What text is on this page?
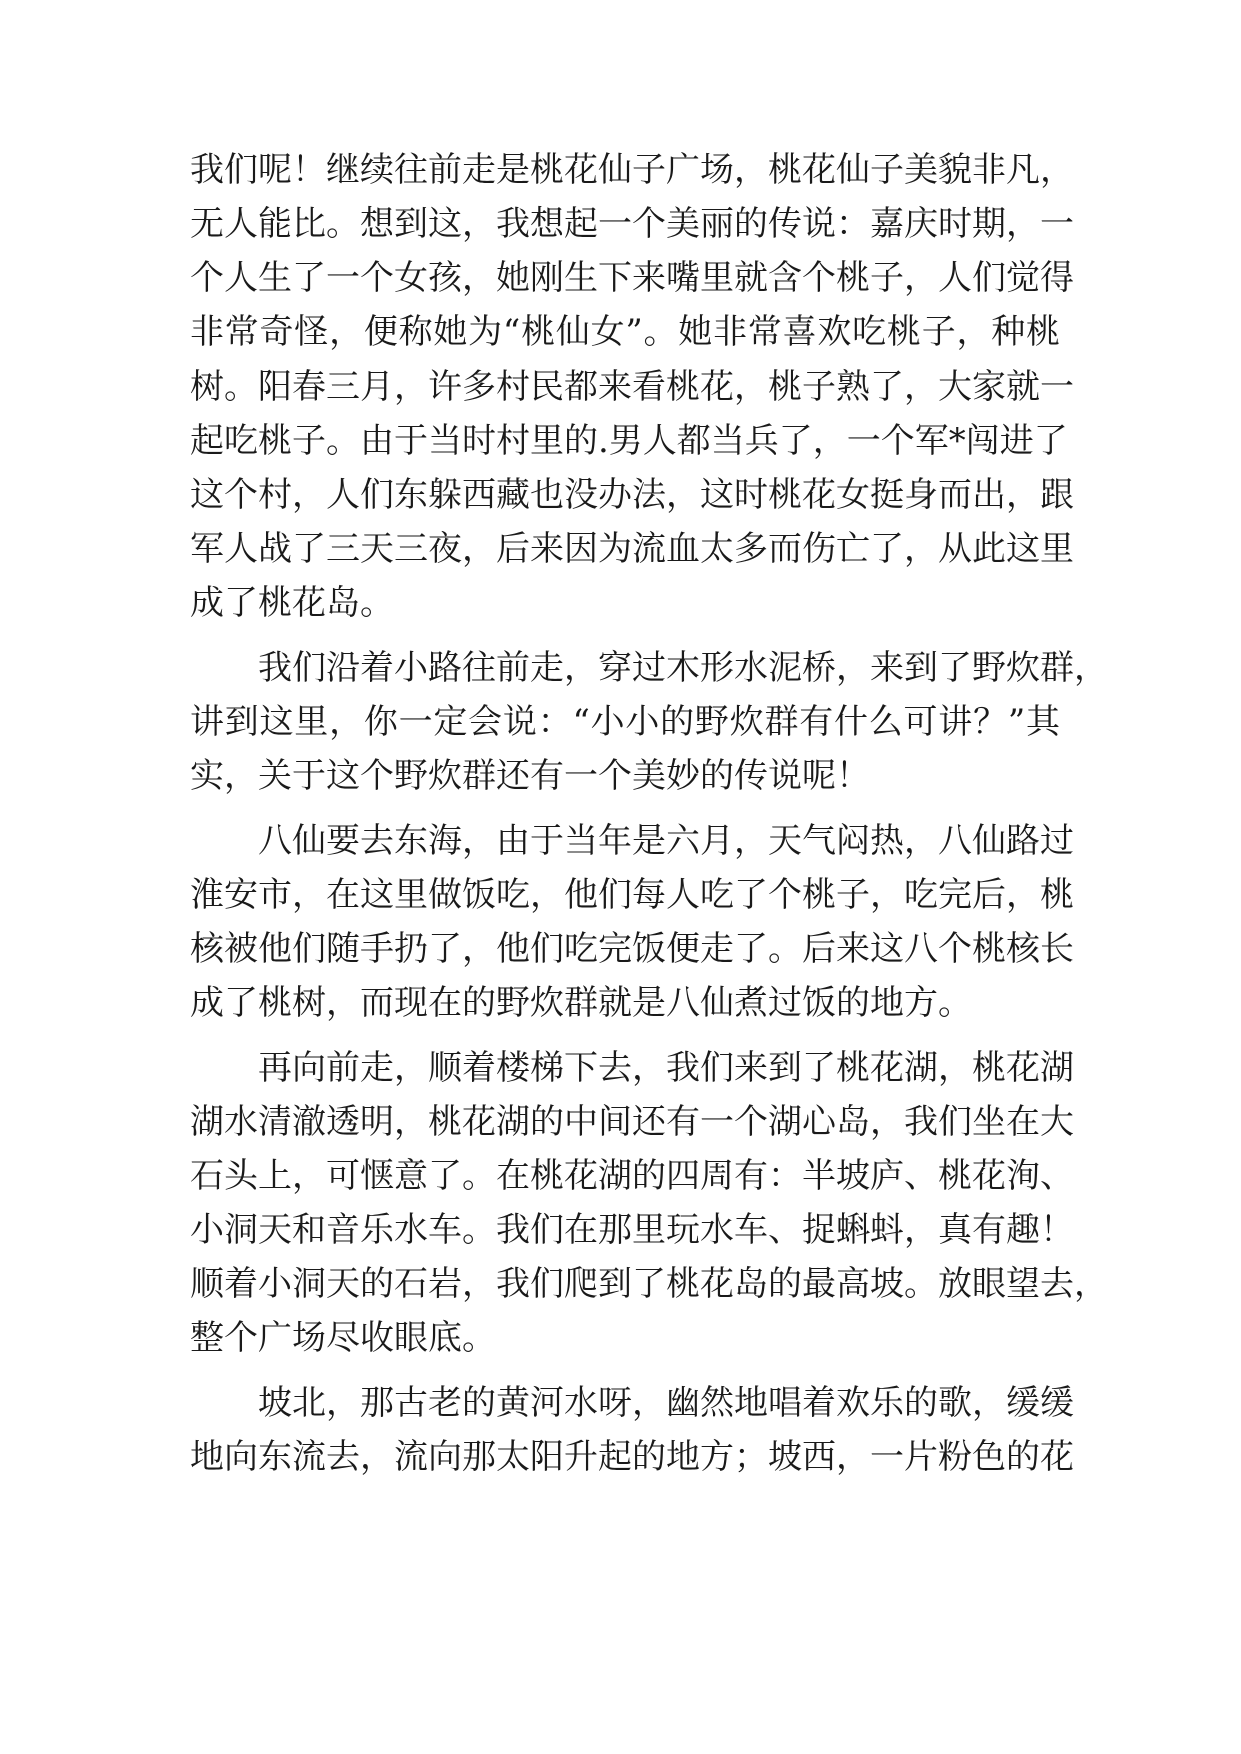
我们呢！继续往前走是桃花仙子广场，桃花仙子美貌非凡，
无人能比。想到这，我想起一个美丽的传说：嘉庆时期，一
个人生了一个女孩，她刚生下来嘴里就含个桃子，人们觉得
非常奇怪，便称她为“桃仙女”。她非常喜欢吃桃子，种桃
树。阳春三月，许多村民都来看桃花，桃子熟了，大家就一
起吃桃子。由于当时村里的.男人都当兵了，一个军*闯进了
这个村，人们东躲西藏也没办法，这时桃花女挺身而出，跟
军人战了三天三夜，后来因为流血太多而伤亡了，从此这里
成了桃花岛。
我们沿着小路往前走，穿过木形水泥桥，来到了野炊群，
讲到这里，你一定会说：“小小的野炊群有什么可讲？”其
实，关于这个野炊群还有一个美妙的传说呢！
八仙要去东海，由于当年是六月，天气闷热，八仙路过
淮安市，在这里做饭吃，他们每人吃了个桃子，吃完后，桃
核被他们随手扔了，他们吃完饭便走了。后来这八个桃核长
成了桃树，而现在的野炊群就是八仙煮过饭的地方。
再向前走，顺着楼梯下去，我们来到了桃花湖，桃花湖
湖水清澈透明，桃花湖的中间还有一个湖心岛，我们坐在大
石头上，可惬意了。在桃花湖的四周有：半坡庐、桃花洵、
小洞天和音乐水车。我们在那里玩水车、捉蝌蚪，真有趣！
顺着小洞天的石岩，我们爬到了桃花岛的最高坡。放眼望去，
整个广场尽收眼底。
坡北，那古老的黄河水呀，幽然地唱着欢乐的歌，缓缓
地向东流去，流向那太阳升起的地方；坡西，一片粉色的花
